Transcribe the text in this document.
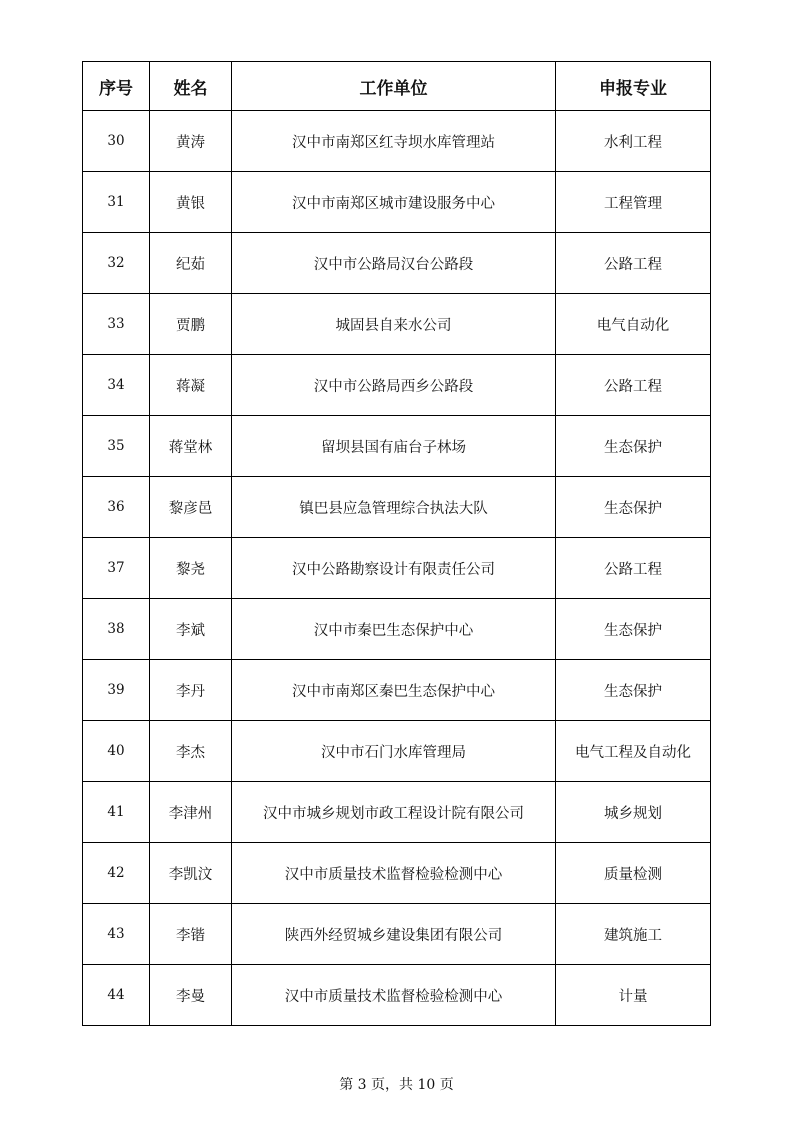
序号	姓名	工作单位	申报专业
30	黄涛	汉中市南郑区红寺坝水库管理站	水利工程
31	黄银	汉中市南郑区城市建设服务中心	工程管理
32	纪茹	汉中市公路局汉台公路段	公路工程
33	贾鹏	城固县自来水公司	电气自动化
34	蒋凝	汉中市公路局西乡公路段	公路工程
35	蒋堂林	留坝县国有庙台子林场	生态保护
36	黎彦邑	镇巴县应急管理综合执法大队	生态保护
37	黎尧	汉中公路勘察设计有限责任公司	公路工程
38	李斌	汉中市秦巴生态保护中心	生态保护
39	李丹	汉中市南郑区秦巴生态保护中心	生态保护
40	李杰	汉中市石门水库管理局	电气工程及自动化
41	李津州	汉中市城乡规划市政工程设计院有限公司	城乡规划
42	李凯汶	汉中市质量技术监督检验检测中心	质量检测
43	李锴	陕西外经贸城乡建设集团有限公司	建筑施工
44	李曼	汉中市质量技术监督检验检测中心	计量
第 3 页，共 10 页
